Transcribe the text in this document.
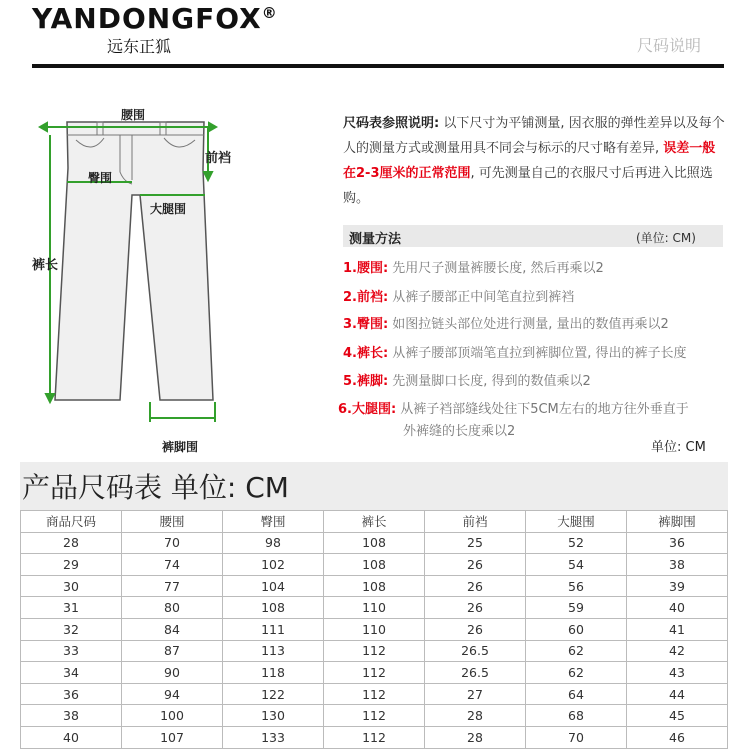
YANDONGFOX®
远东正狐	尺码说明
腰围
前裆
臀围
大腿围
裤长
裤脚围
尺码表参照说明: 以下尺寸为平铺测量, 因衣服的弹性差异以及每个人的测量方式或测量用具不同会与标示的尺寸略有差异, 误差一般在2-3厘米的正常范围, 可先测量自己的衣服尺寸后再进入比照选购。
测量方法	(单位: CM)
1.腰围: 先用尺子测量裤腰长度, 然后再乘以2
2.前裆: 从裤子腰部正中间笔直拉到裤裆
3.臀围: 如图拉链头部位处进行测量, 量出的数值再乘以2
4.裤长: 从裤子腰部顶端笔直拉到裤脚位置, 得出的裤子长度
5.裤脚: 先测量脚口长度, 得到的数值乘以2
6.大腿围: 从裤子裆部缝线处往下5CM左右的地方往外垂直于
外裤缝的长度乘以2
单位: CM
产品尺码表 单位: CM
商品尺码	腰围	臀围	裤长	前裆	大腿围	裤脚围
28	70	98	108	25	52	36
29	74	102	108	26	54	38
30	77	104	108	26	56	39
31	80	108	110	26	59	40
32	84	111	110	26	60	41
33	87	113	112	26.5	62	42
34	90	118	112	26.5	62	43
36	94	122	112	27	64	44
38	100	130	112	28	68	45
40	107	133	112	28	70	46
